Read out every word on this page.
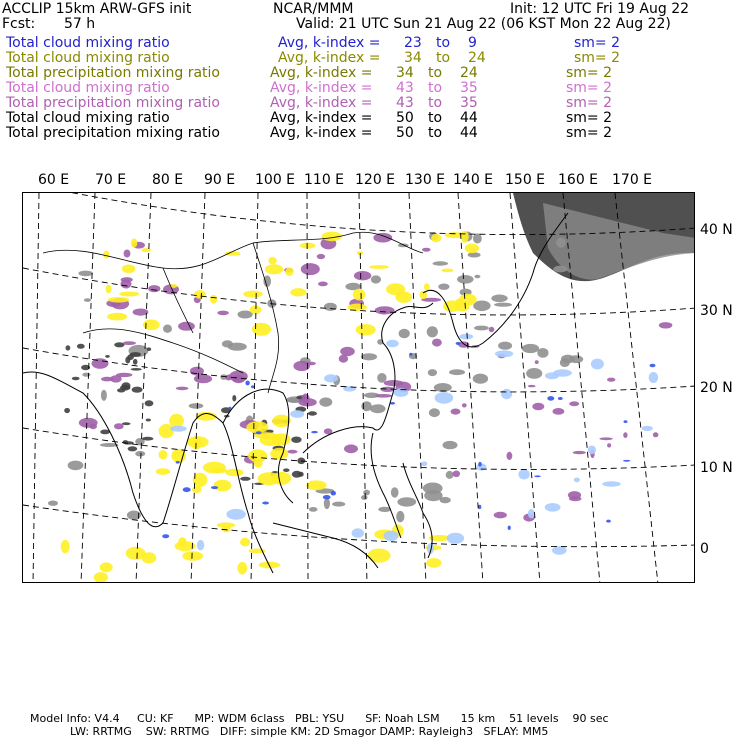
ACCLIP 15km ARW-GFS init	NCAR/MMM	Init: 12 UTC Fri 19 Aug 22
Fcst: 57 h	Valid: 21 UTC Sun 21 Aug 22 (06 KST Mon 22 Aug 22)
Total cloud mixing ratio	Avg, k-index = 23 to 9	sm= 2
Total cloud mixing ratio	Avg, k-index = 34 to 24	sm= 2
Total precipitation mixing ratio	Avg, k-index = 34 to 24	sm= 2
Total cloud mixing ratio	Avg, k-index = 43 to 35	sm= 2
Total precipitation mixing ratio	Avg, k-index = 43 to 35	sm= 2
Total cloud mixing ratio	Avg, k-index = 50 to 44	sm= 2
Total precipitation mixing ratio	Avg, k-index = 50 to 44	sm= 2
60 E 70 E 80 E 90 E 100 E 110 E 120 E 130 E 140 E 150 E 160 E 170 E
40 N
30 N
20 N
10 N
0
Model Info: V4.4     CU: KF      MP: WDM 6class   PBL: YSU      SF: Noah LSM      15 km    51 levels    90 sec
LW: RRTMG    SW: RRTMG   DIFF: simple KM: 2D Smagor DAMP: Rayleigh3   SFLAY: MM5
